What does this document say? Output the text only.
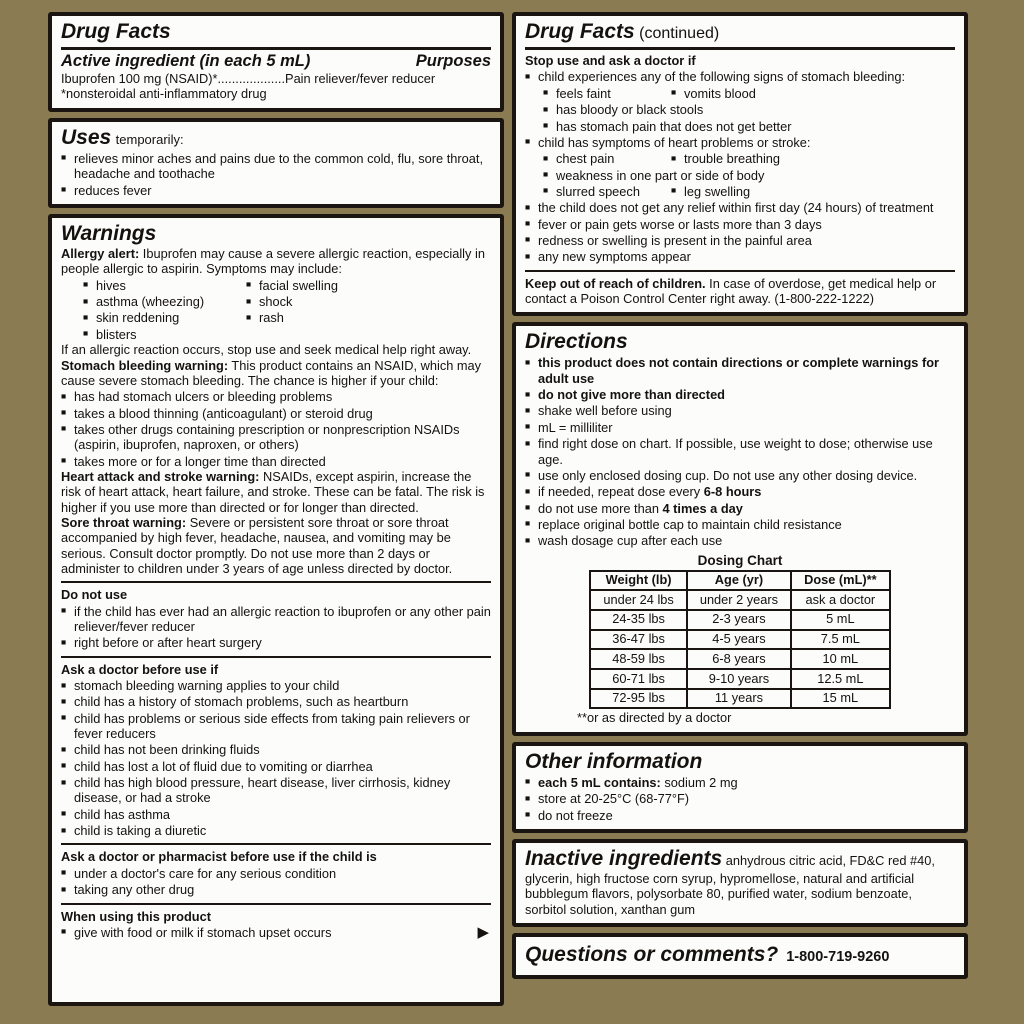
Drug Facts
Active ingredient (in each 5 mL)	Purposes
Ibuprofen 100 mg (NSAID)*...................Pain reliever/fever reducer
*nonsteroidal anti-inflammatory drug
Uses temporarily:
■ relieves minor aches and pains due to the common cold, flu, sore throat, headache and toothache
■ reduces fever
Warnings
Allergy alert: Ibuprofen may cause a severe allergic reaction, especially in people allergic to aspirin. Symptoms may include:
■ hives	■ facial swelling
■ asthma (wheezing)	■ shock
■ skin reddening	■ rash
■ blisters
If an allergic reaction occurs, stop use and seek medical help right away.
Stomach bleeding warning: This product contains an NSAID, which may cause severe stomach bleeding. The chance is higher if your child:
■ has had stomach ulcers or bleeding problems
■ takes a blood thinning (anticoagulant) or steroid drug
■ takes other drugs containing prescription or nonprescription NSAIDs (aspirin, ibuprofen, naproxen, or others)
■ takes more or for a longer time than directed
Heart attack and stroke warning: NSAIDs, except aspirin, increase the risk of heart attack, heart failure, and stroke. These can be fatal. The risk is higher if you use more than directed or for longer than directed.
Sore throat warning: Severe or persistent sore throat or sore throat accompanied by high fever, headache, nausea, and vomiting may be serious. Consult doctor promptly. Do not use more than 2 days or administer to children under 3 years of age unless directed by doctor.
Do not use
■ if the child has ever had an allergic reaction to ibuprofen or any other pain reliever/fever reducer
■ right before or after heart surgery
Ask a doctor before use if
■ stomach bleeding warning applies to your child
■ child has a history of stomach problems, such as heartburn
■ child has problems or serious side effects from taking pain relievers or fever reducers
■ child has not been drinking fluids
■ child has lost a lot of fluid due to vomiting or diarrhea
■ child has high blood pressure, heart disease, liver cirrhosis, kidney disease, or had a stroke
■ child has asthma
■ child is taking a diuretic
Ask a doctor or pharmacist before use if the child is
■ under a doctor's care for any serious condition
■ taking any other drug
When using this product
■ give with food or milk if stomach upset occurs	▶
Drug Facts (continued)
Stop use and ask a doctor if
■ child experiences any of the following signs of stomach bleeding:
■ feels faint	■ vomits blood
■ has bloody or black stools
■ has stomach pain that does not get better
■ child has symptoms of heart problems or stroke:
■ chest pain	■ trouble breathing
■ weakness in one part or side of body
■ slurred speech	■ leg swelling
■ the child does not get any relief within first day (24 hours) of treatment
■ fever or pain gets worse or lasts more than 3 days
■ redness or swelling is present in the painful area
■ any new symptoms appear
Keep out of reach of children. In case of overdose, get medical help or contact a Poison Control Center right away. (1-800-222-1222)
Directions
■ this product does not contain directions or complete warnings for adult use
■ do not give more than directed
■ shake well before using
■ mL = milliliter
■ find right dose on chart. If possible, use weight to dose; otherwise use age.
■ use only enclosed dosing cup. Do not use any other dosing device.
■ if needed, repeat dose every 6-8 hours
■ do not use more than 4 times a day
■ replace original bottle cap to maintain child resistance
■ wash dosage cup after each use
Dosing Chart
Weight (lb)	Age (yr)	Dose (mL)**
under 24 lbs	under 2 years	ask a doctor
24-35 lbs	2-3 years	5 mL
36-47 lbs	4-5 years	7.5 mL
48-59 lbs	6-8 years	10 mL
60-71 lbs	9-10 years	12.5 mL
72-95 lbs	11 years	15 mL
**or as directed by a doctor
Other information
■ each 5 mL contains: sodium 2 mg
■ store at 20-25°C (68-77°F)
■ do not freeze
Inactive ingredients anhydrous citric acid, FD&C red #40, glycerin, high fructose corn syrup, hypromellose, natural and artificial bubblegum flavors, polysorbate 80, purified water, sodium benzoate, sorbitol solution, xanthan gum
Questions or comments? 1-800-719-9260
